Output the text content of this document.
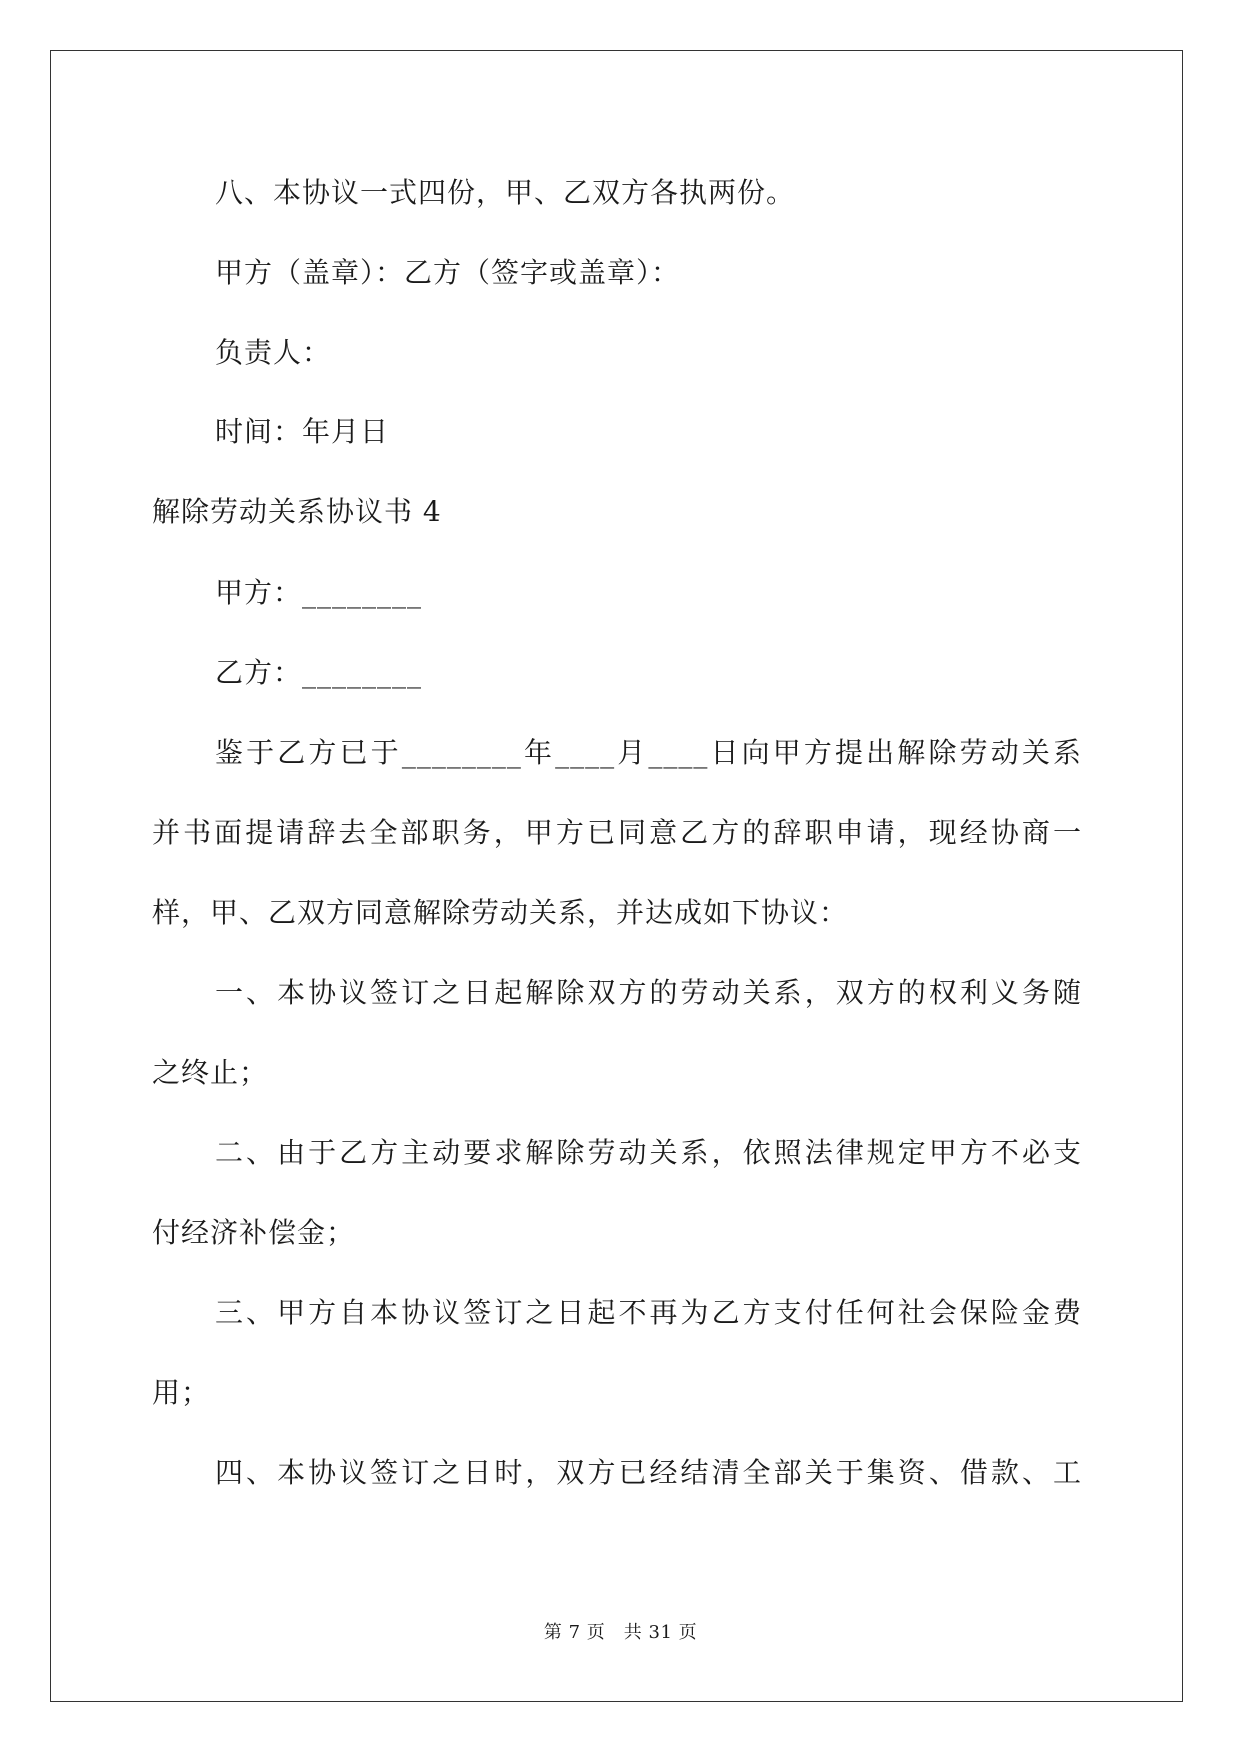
八、本协议一式四份，甲、乙双方各执两份。
甲方（盖章）：乙方（签字或盖章）：
负责人：
时间：年月日
解除劳动关系协议书 4
甲方：________
乙方：________
鉴于乙方已于________年____月____日向甲方提出解除劳动关系
并书面提请辞去全部职务，甲方已同意乙方的辞职申请，现经协商一
样，甲、乙双方同意解除劳动关系，并达成如下协议：
一、本协议签订之日起解除双方的劳动关系，双方的权利义务随
之终止；
二、由于乙方主动要求解除劳动关系，依照法律规定甲方不必支
付经济补偿金；
三、甲方自本协议签订之日起不再为乙方支付任何社会保险金费
用；
四、本协议签订之日时，双方已经结清全部关于集资、借款、工
第 7 页　共 31 页
